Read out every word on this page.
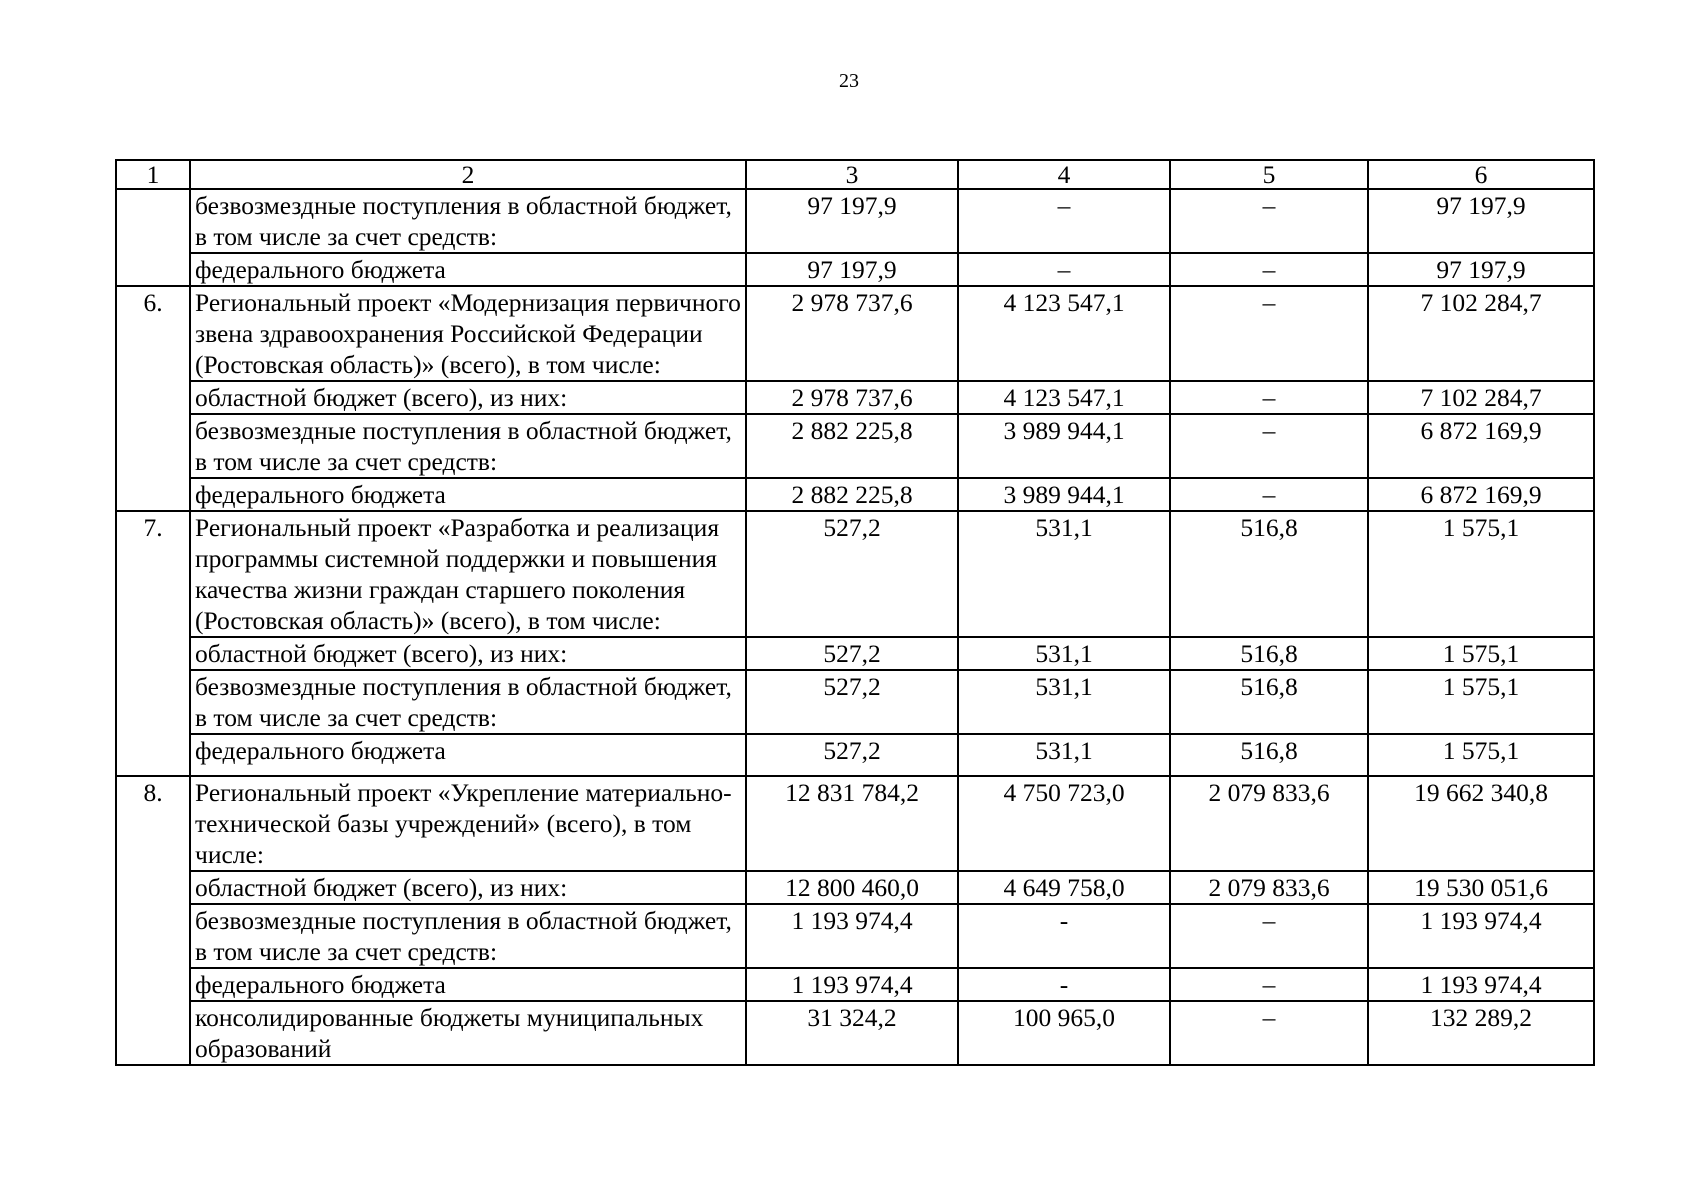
23
1	2	3	4	5	6
	безвозмездные поступления в областной бюджет, в том числе за счет средств:	97 197,9	–	–	97 197,9
	федерального бюджета	97 197,9	–	–	97 197,9
6.	Региональный проект «Модернизация первичного звена здравоохранения Российской Федерации (Ростовская область)» (всего), в том числе:	2 978 737,6	4 123 547,1	–	7 102 284,7
	областной бюджет (всего), из них:	2 978 737,6	4 123 547,1	–	7 102 284,7
	безвозмездные поступления в областной бюджет, в том числе за счет средств:	2 882 225,8	3 989 944,1	–	6 872 169,9
	федерального бюджета	2 882 225,8	3 989 944,1	–	6 872 169,9
7.	Региональный проект «Разработка и реализация программы системной поддержки и повышения качества жизни граждан старшего поколения (Ростовская область)» (всего), в том числе:	527,2	531,1	516,8	1 575,1
	областной бюджет (всего), из них:	527,2	531,1	516,8	1 575,1
	безвозмездные поступления в областной бюджет, в том числе за счет средств:	527,2	531,1	516,8	1 575,1
	федерального бюджета	527,2	531,1	516,8	1 575,1
8.	Региональный проект «Укрепление материально-технической базы учреждений» (всего), в том числе:	12 831 784,2	4 750 723,0	2 079 833,6	19 662 340,8
	областной бюджет (всего), из них:	12 800 460,0	4 649 758,0	2 079 833,6	19 530 051,6
	безвозмездные поступления в областной бюджет, в том числе за счет средств:	1 193 974,4	-	–	1 193 974,4
	федерального бюджета	1 193 974,4	-	–	1 193 974,4
	консолидированные бюджеты муниципальных образований	31 324,2	100 965,0	–	132 289,2
